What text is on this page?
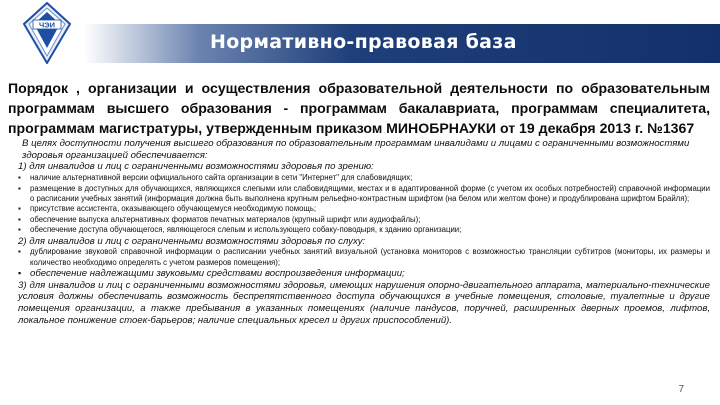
ЧЭИ
Нормативно-правовая база
Порядок , организации и осуществления образовательной деятельности по образовательным программам высшего образования - программам бакалавриата, программам специалитета, программам магистратуры, утвержденным приказом МИНОБРНАУКИ от 19 декабря 2013 г. №1367
В целях доступности получения высшего образования по образовательным программам инвалидами и лицами с ограниченными возможностями здоровья организацией обеспечивается:
1) для инвалидов и лиц с ограниченными возможностями здоровья по зрению:
▪	наличие альтернативной версии официального сайта организации в сети "Интернет" для слабовидящих;
▪	размещение в доступных для обучающихся, являющихся слепыми или слабовидящими, местах и в адаптированной форме (с учетом их особых потребностей) справочной информации о расписании учебных занятий (информация должна быть выполнена крупным рельефно-контрастным шрифтом (на белом или желтом фоне) и продублирована шрифтом Брайля);
▪	присутствие ассистента, оказывающего обучающемуся необходимую помощь;
▪	обеспечение выпуска альтернативных форматов печатных материалов (крупный шрифт или аудиофайлы);
▪	обеспечение доступа обучающегося, являющегося слепым и использующего собаку-поводыря, к зданию организации;
2) для инвалидов и лиц с ограниченными возможностями здоровья по слуху:
▪	дублирование звуковой справочной информации о расписании учебных занятий визуальной (установка мониторов с возможностью трансляции субтитров (мониторы, их размеры и количество необходимо определять с учетом размеров помещения);
▪ обеспечение надлежащими звуковыми средствами воспроизведения информации;
3) для инвалидов и лиц с ограниченными возможностями здоровья, имеющих нарушения опорно-двигательного аппарата, материально-технические условия должны обеспечивать возможность беспрепятственного доступа обучающихся в учебные помещения, столовые, туалетные и другие помещения организации, а также пребывания в указанных помещениях (наличие пандусов, поручней, расширенных дверных проемов, лифтов, локальное понижение стоек-барьеров; наличие специальных кресел и других приспособлений).
7
